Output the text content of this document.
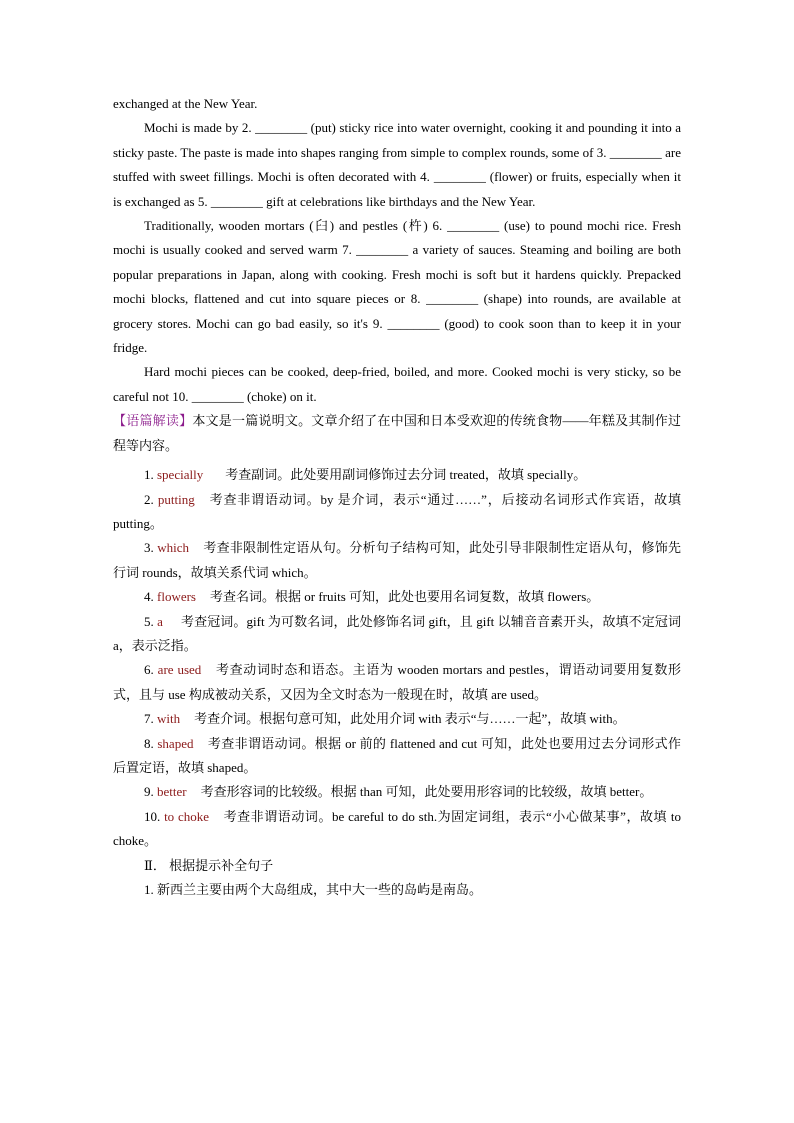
exchanged at the New Year.

Mochi is made by 2. ________ (put) sticky rice into water overnight, cooking it and pounding it into a sticky paste. The paste is made into shapes ranging from simple to complex rounds, some of 3. ________ are stuffed with sweet fillings. Mochi is often decorated with 4. ________ (flower) or fruits, especially when it is exchanged as 5. ________ gift at celebrations like birthdays and the New Year.

Traditionally, wooden mortars (臼) and pestles (杵) 6. ________ (use) to pound mochi rice. Fresh mochi is usually cooked and served warm 7. ________ a variety of sauces. Steaming and boiling are both popular preparations in Japan, along with cooking. Fresh mochi is soft but it hardens quickly. Prepacked mochi blocks, flattened and cut into square pieces or 8. ________ (shape) into rounds, are available at grocery stores. Mochi can go bad easily, so it's 9. ________ (good) to cook soon than to keep it in your fridge.

Hard mochi pieces can be cooked, deep-fried, boiled, and more. Cooked mochi is very sticky, so be careful not 10. ________ (choke) on it.

【语篇解读】本文是一篇说明文。文章介绍了在中国和日本受欢迎的传统食物——年糕及其制作过程等内容。

1. specially 考查副词。此处要用副词修饰过去分词 treated，故填 specially。

2. putting 考查非谓语动词。by 是介词，表示“通过……”，后接动名词形式作宾语，故填 putting。

3. which 考查非限制性定语从句。分析句子结构可知，此处引导非限制性定语从句，修饰先行词 rounds，故填关系代词 which。

4. flowers 考查名词。根据 or fruits 可知，此处也要用名词复数，故填 flowers。

5. a 考查冠词。gift 为可数名词，此处修饰名词 gift，且 gift 以辅音音素开头，故填不定冠词 a，表示泛指。

6. are used 考查动词时态和语态。主语为 wooden mortars and pestles，谓语动词要用复数形式，且与 use 构成被动关系，又因为全文时态为一般现在时，故填 are used。

7. with 考查介词。根据句意可知，此处用介词 with 表示“与……一起”，故填 with。

8. shaped 考查非谓语动词。根据 or 前的 flattened and cut 可知，此处也要用过去分词形式作后置定语，故填 shaped。

9. better 考查形容词的比较级。根据 than 可知，此处要用形容词的比较级，故填 better。

10. to choke 考查非谓语动词。be careful to do sth.为固定词组，表示“小心做某事”，故填 to choke。

Ⅱ． 根据提示补全句子

1. 新西兰主要由两个大岛组成，其中大一些的岛屿是南岛。
